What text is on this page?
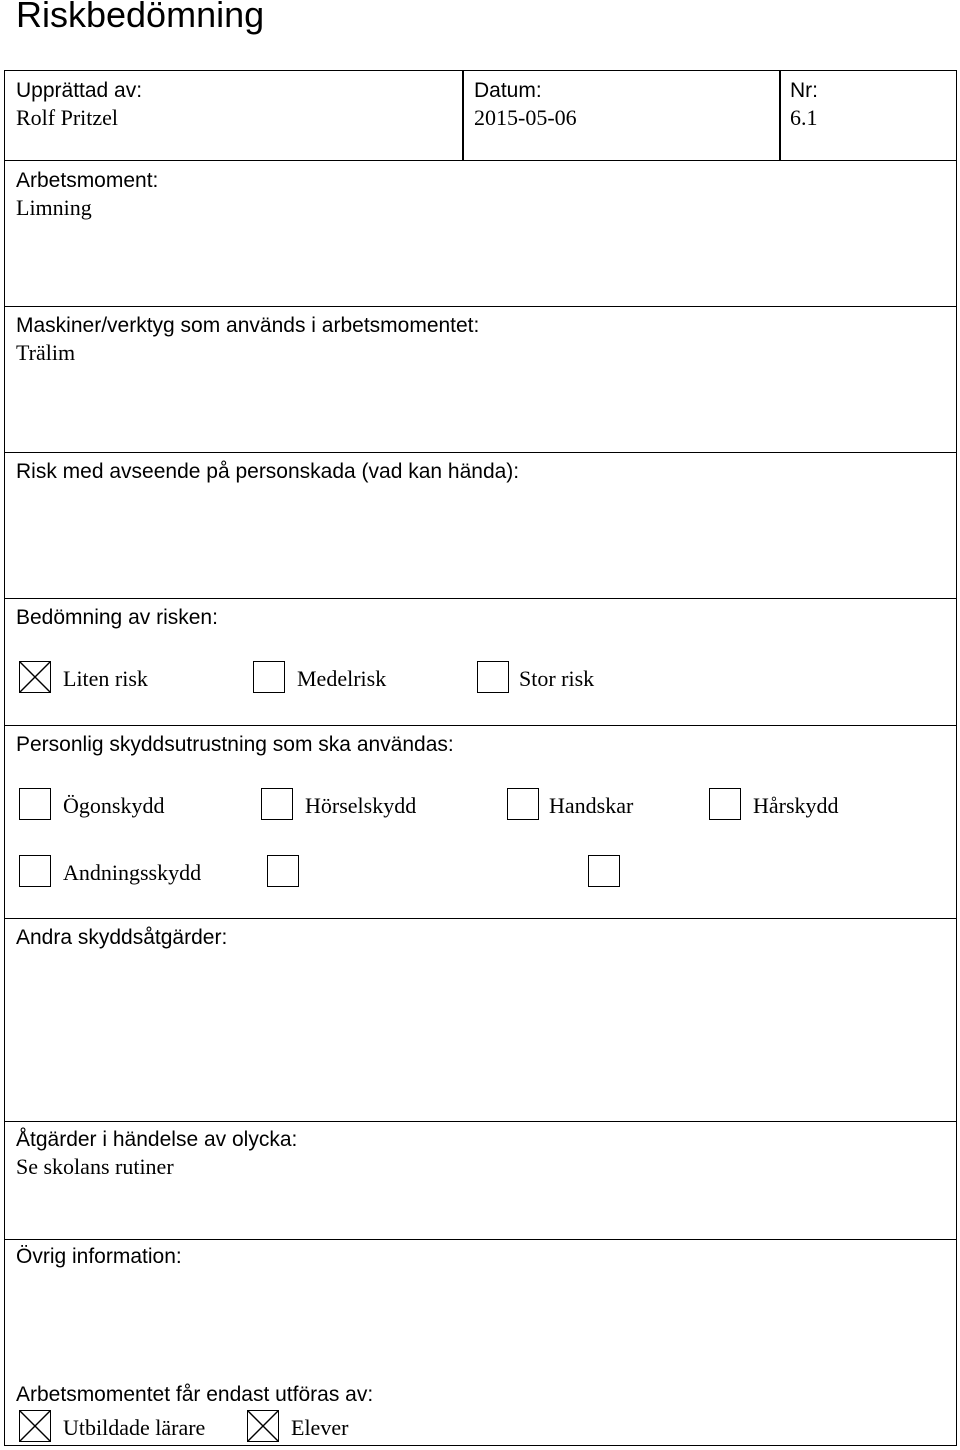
Riskbedömning
Upprättad av:
Rolf Pritzel
Datum:
2015-05-06
Nr:
6.1
Arbetsmoment:
Limning
Maskiner/verktyg som används i arbetsmomentet:
Trälim
Risk med avseende på personskada (vad kan hända):
Bedömning av risken:
Liten risk	Medelrisk	Stor risk
Personlig skyddsutrustning som ska användas:
Ögonskydd	Hörselskydd	Handskar	Hårskydd
Andningsskydd
Andra skyddsåtgärder:
Åtgärder i händelse av olycka:
Se skolans rutiner
Övrig information:
Arbetsmomentet får endast utföras av:
Utbildade lärare	Elever
